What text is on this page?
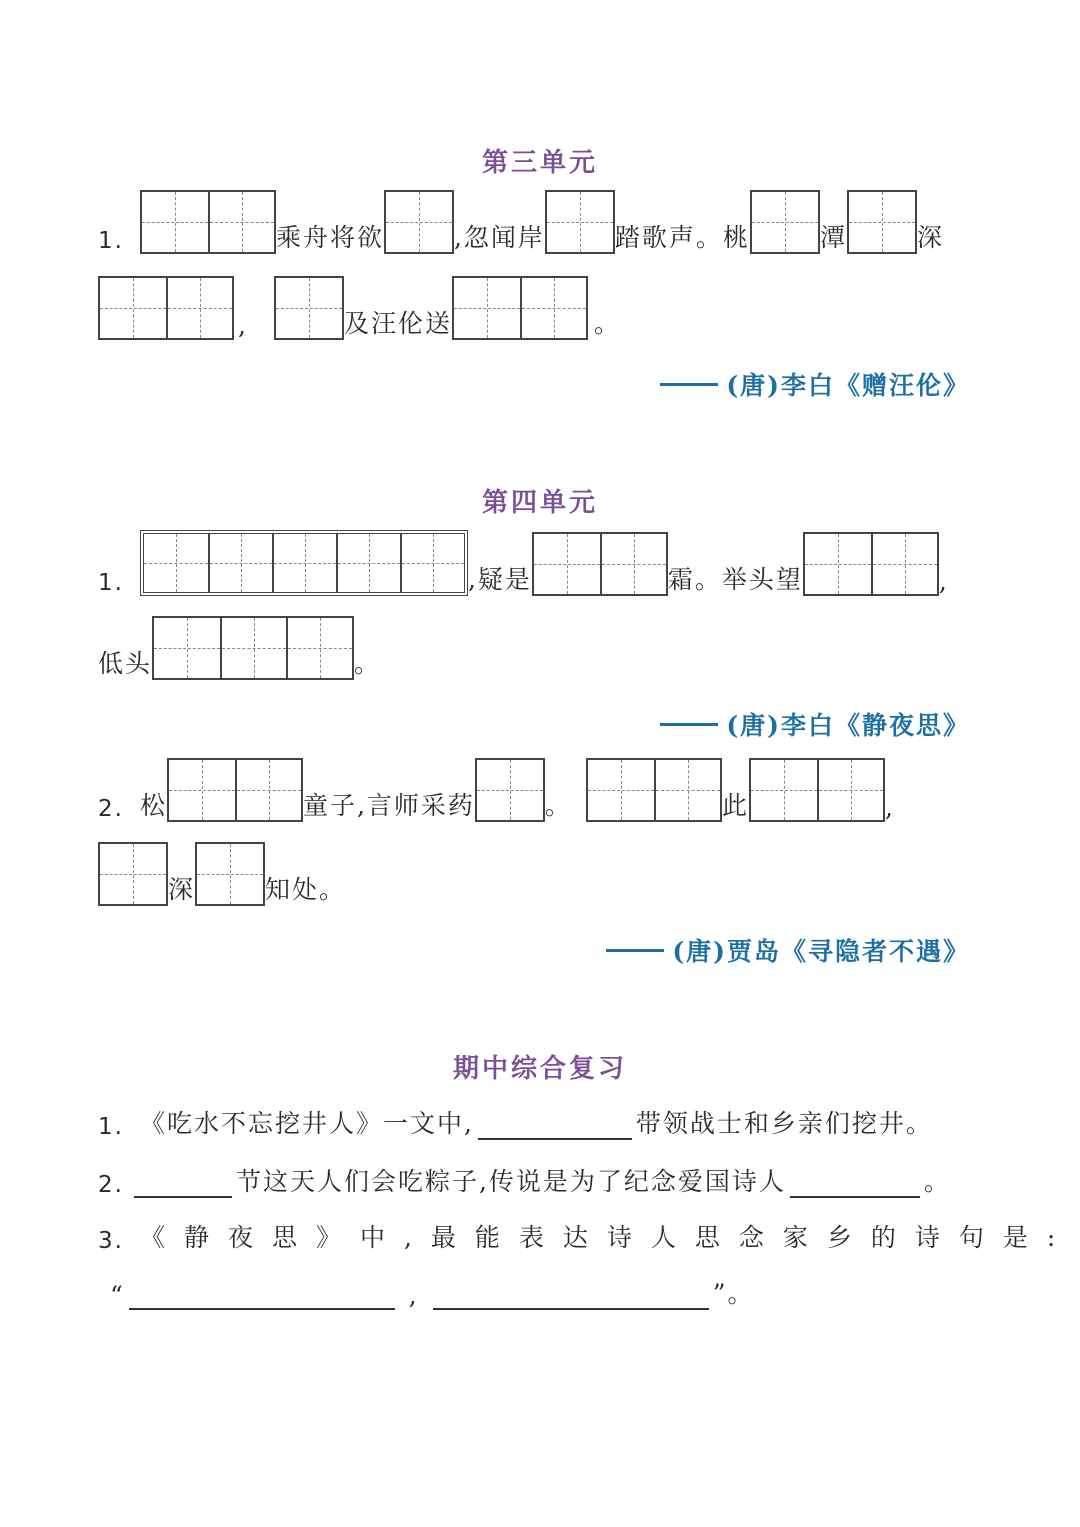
第三单元
1.	乘舟将欲	,忽闻岸	踏歌声。桃	潭	深
,	及汪伦送	。
(唐)李白《赠汪伦》
第四单元
1.	,疑是	霜。举头望	,
低头	。
(唐)李白《静夜思》
2. 松	童子,言师采药	。	此	,
深	知处。
(唐)贾岛《寻隐者不遇》
期中综合复习
1. 《吃水不忘挖井人》一文中,	带领战士和乡亲们挖井。
2.	节这天人们会吃粽子,传说是为了纪念爱国诗人	。
3. 《静夜思》中,最能表达诗人思念家乡的诗句是:
“	,	”。
